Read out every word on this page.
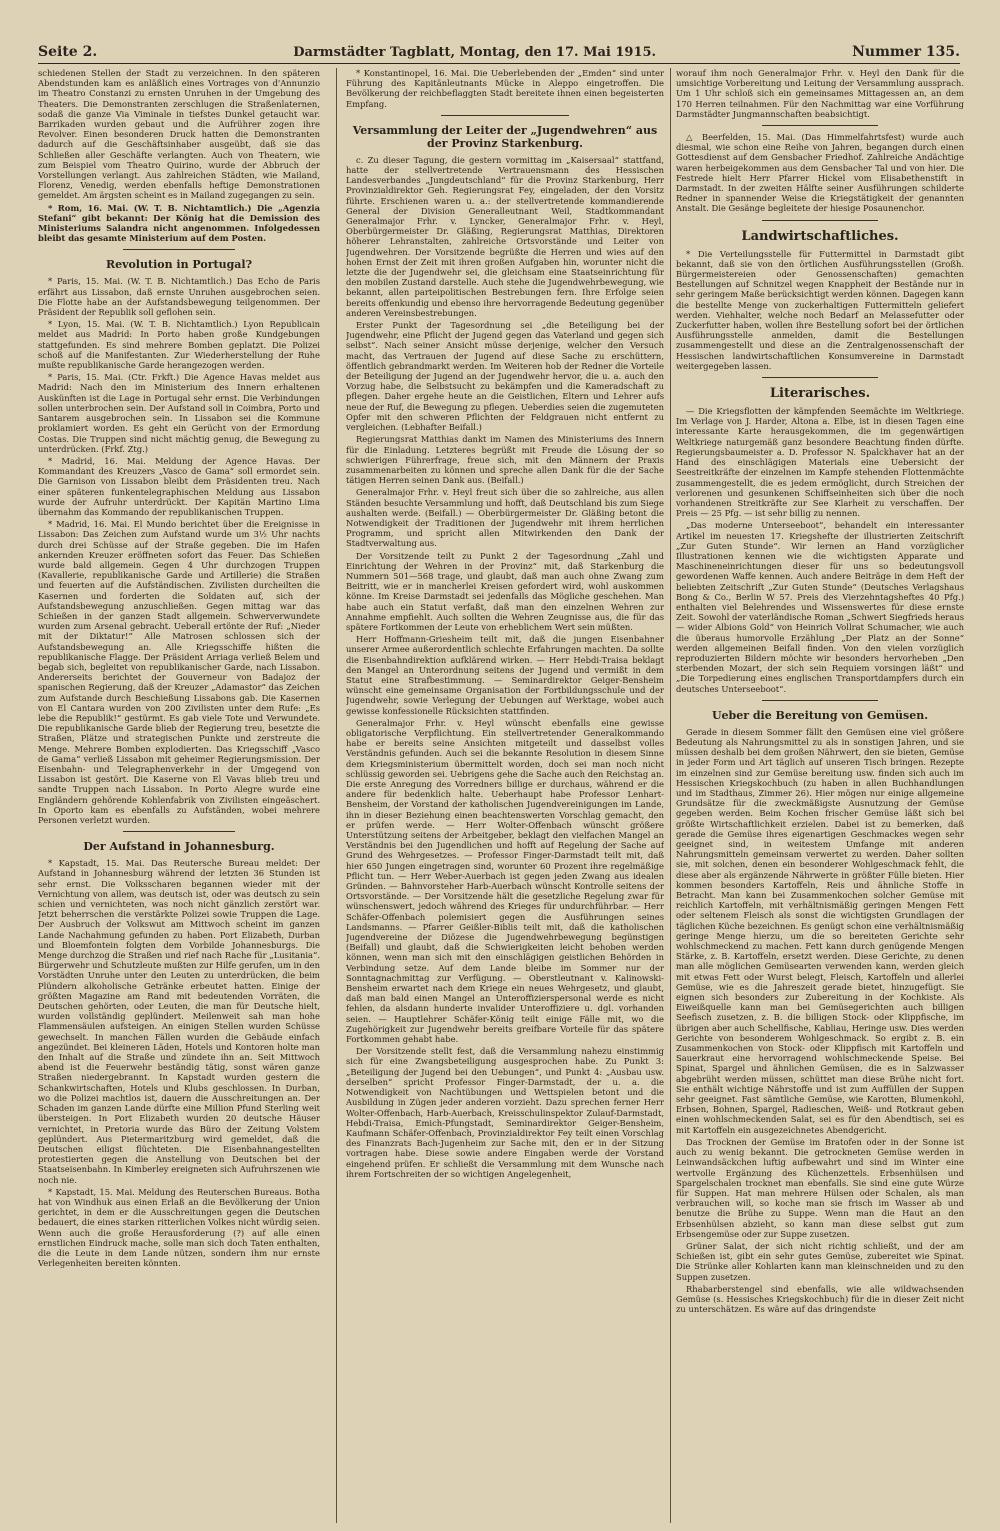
Seite 2.	Darmstädter Tagblatt, Montag, den 17. Mai 1915.	Nummer 135.

schiedenen Stellen der Stadt zu verzeichnen. In den späteren Abendstunden kam es anläßlich eines Vortrages von d'Annunzio im Theatro Constanzi zu ernsten Unruhen in der Umgebung des Theaters. Die Demonstranten zerschlugen die Straßenlaternen, sodaß die ganze Via Viminale in tiefstes Dunkel getaucht war. Barrikaden wurden gebaut und die Aufrührer zogen ihre Revolver. Einen besonderen Druck hatten die Demonstranten dadurch auf die Geschäftsinhaber ausgeübt, daß sie das Schließen aller Geschäfte verlangten. Auch von Theatern, wie zum Beispiel vom Theatro Quirino, wurde der Abbruch der Vorstellungen verlangt. Aus zahlreichen Städten, wie Mailand, Florenz, Venedig, werden ebenfalls heftige Demonstrationen gemeldet. Am ärgsten scheint es in Mailand zugegangen zu sein.

* Rom, 16. Mai. (W. T. B. Nichtamtlich.) Die „Agenzia Stefani“ gibt bekannt: Der König hat die Demission des Ministeriums Salandra nicht angenommen. Infolgedessen bleibt das gesamte Ministerium auf dem Posten.

Revolution in Portugal?

* Paris, 15. Mai. (W. T. B. Nichtamtlich.) Das Echo de Paris erfährt aus Lissabon, daß ernste Unruhen ausgebrochen seien. Die Flotte habe an der Aufstandsbewegung teilgenommen. Der Präsident der Republik soll geflohen sein.

* Lyon, 15. Mai. (W. T. B. Nichtamtlich.) Lyon Republicain meldet aus Madrid: In Porto haben große Kundgebungen stattgefunden. Es sind mehrere Bomben geplatzt. Die Polizei schoß auf die Manifestanten. Zur Wiederherstellung der Ruhe mußte republikanische Garde herangezogen werden.

* Paris, 15. Mai. (Ctr. Frkft.) Die Agence Havas meldet aus Madrid: Nach den im Ministerium des Innern erhaltenen Auskünften ist die Lage in Portugal sehr ernst. Die Verbindungen sollen unterbrochen sein. Der Aufstand soll in Coimbra, Porto und Santarem ausgebrochen sein. In Lissabon sei die Kommune proklamiert worden. Es geht ein Gerücht von der Ermordung Costas. Die Truppen sind nicht mächtig genug, die Bewegung zu unterdrücken. (Frkf. Ztg.)

* Madrid, 16. Mai. Meldung der Agence Havas. Der Kommandant des Kreuzers „Vasco de Gama“ soll ermordet sein. Die Garnison von Lissabon bleibt dem Präsidenten treu. Nach einer späteren funkentelegraphischen Meldung aus Lissabon wurde der Aufruhr unterdrückt. Der Kapitän Martino Lima übernahm das Kommando der republikanischen Truppen.

* Madrid, 16. Mai. El Mundo berichtet über die Ereignisse in Lissabon: Das Zeichen zum Aufstand wurde um 3½ Uhr nachts durch drei Schüsse auf der Straße gegeben. Die im Hafen ankernden Kreuzer eröffneten sofort das Feuer. Das Schießen wurde bald allgemein. Gegen 4 Uhr durchzogen Truppen (Kavallerie, republikanische Garde und Artillerie) die Straßen und feuerten auf die Aufständischen. Zivilisten durcheilten die Kasernen und forderten die Soldaten auf, sich der Aufstandsbewegung anzuschließen. Gegen mittag war das Schießen in der ganzen Stadt allgemein. Schwerverwundete wurden zum Arsenal gebracht. Ueberall ertönte der Ruf: „Nieder mit der Diktatur!“ Alle Matrosen schlossen sich der Aufstandsbewegung an. Alle Kriegsschiffe hißten die republikanische Flagge. Der Präsident Arriaga verließ Belem und begab sich, begleitet von republikanischer Garde, nach Lissabon. Andererseits berichtet der Gouverneur von Badajoz der spanischen Regierung, daß der Kreuzer „Adamastor“ das Zeichen zum Aufstande durch Beschießung Lissabons gab. Die Kasernen von El Cantara wurden von 200 Zivilisten unter dem Rufe: „Es lebe die Republik!“ gestürmt. Es gab viele Tote und Verwundete. Die republikanische Garde blieb der Regierung treu, besetzte die Straßen, Plätze und strategischen Punkte und zerstreute die Menge. Mehrere Bomben explodierten. Das Kriegsschiff „Vasco de Gama“ verließ Lissabon mit geheimer Regierungsmission. Der Eisenbahn- und Telegraphenverkehr in der Umgegend von Lissabon ist gestört. Die Kaserne von El Vavas blieb treu und sandte Truppen nach Lissabon. In Porto Alegre wurde eine Engländern gehörende Kohlenfabrik von Zivilisten eingeäschert. In Oporto kam es ebenfalls zu Aufständen, wobei mehrere Personen verletzt wurden.

Der Aufstand in Johannesburg.

* Kapstadt, 15. Mai. Das Reutersche Bureau meldet: Der Aufstand in Johannesburg während der letzten 36 Stunden ist sehr ernst. Die Volksscharen begannen wieder mit der Vernichtung von allem, was deutsch ist, oder was deutsch zu sein schien und vernichteten, was noch nicht gänzlich zerstört war. Jetzt beherrschen die verstärkte Polizei sowie Truppen die Lage. Der Ausbruch der Volkswut am Mittwoch scheint im ganzen Lande Nachahmung gefunden zu haben. Port Elizabeth, Durban und Bloemfontein folgten dem Vorbilde Johannesburgs. Die Menge durchzog die Straßen und rief nach Rache für „Lusitania“. Bürgerwehr und Schutzleute mußten zur Hilfe gerufen, um in den Vorstädten Unruhe unter den Leuten zu unterdrücken, die beim Plündern alkoholische Getränke erbeutet hatten. Einige der größten Magazine am Rand mit bedeutenden Vorräten, die Deutschen gehörten, oder Leuten, die man für Deutsche hielt, wurden vollständig geplündert. Meilenweit sah man hohe Flammensäulen aufsteigen. An einigen Stellen wurden Schüsse gewechselt. In manchen Fällen wurden die Gebäude einfach angezündet. Bei kleineren Läden, Hotels und Kontoren holte man den Inhalt auf die Straße und zündete ihn an. Seit Mittwoch abend ist die Feuerwehr beständig tätig, sonst wären ganze Straßen niedergebrannt. In Kapstadt wurden gestern die Schankwirtschaften, Hotels und Klubs geschlossen. In Durban, wo die Polizei machtlos ist, dauern die Ausschreitungen an. Der Schaden im ganzen Lande dürfte eine Million Pfund Sterling weit übersteigen. In Port Elizabeth wurden 20 deutsche Häuser vernichtet, in Pretoria wurde das Büro der Zeitung Volstem geplündert. Aus Pietermaritzburg wird gemeldet, daß die Deutschen eiligst flüchteten. Die Eisenbahnangestellten protestierten gegen die Anstellung von Deutschen bei der Staatseisenbahn. In Kimberley ereigneten sich Aufruhrszenen wie noch nie.

* Kapstadt, 15. Mai. Meldung des Reuterschen Bureaus. Botha hat von Windhuk aus einen Erlaß an die Bevölkerung der Union gerichtet, in dem er die Ausschreitungen gegen die Deutschen bedauert, die eines starken ritterlichen Volkes nicht würdig seien. Wenn auch die große Herausforderung (?) auf alle einen ernstlichen Eindruck mache, solle man sich doch Taten enthalten, die die Leute in dem Lande nützen, sondern ihm nur ernste Verlegenheiten bereiten könnten.

* Konstantinopel, 16. Mai. Die Ueberlebenden der „Emden“ sind unter Führung des Kapitänleutnants Mücke in Aleppo eingetroffen. Die Bevölkerung der reichbeflaggten Stadt bereitete ihnen einen begeisterten Empfang.

Versammlung der Leiter der „Jugendwehren“ aus der Provinz Starkenburg.

c. Zu dieser Tagung, die gestern vormittag im „Kaisersaal“ stattfand, hatte der stellvertretende Vertrauensmann des Hessischen Landesverbandes „Jungdeutschland“ für die Provinz Starkenburg, Herr Provinzialdirektor Geh. Regierungsrat Fey, eingeladen, der den Vorsitz führte. Erschienen waren u. a.: der stellvertretende kommandierende General der Division Generalleutnant Weil, Stadtkommandant Generalmajor Frhr. v. Lyncker, Generalmajor Frhr. v. Heyl, Oberbürgermeister Dr. Gläßing, Regierungsrat Matthias, Direktoren höherer Lehranstalten, zahlreiche Ortsvorstände und Leiter von Jugendwehren. Der Vorsitzende begrüßte die Herren und wies auf den hohen Ernst der Zeit mit ihren großen Aufgaben hin, worunter nicht die letzte die der Jugendwehr sei, die gleichsam eine Staatseinrichtung für den mobilen Zustand darstelle. Auch stehe die Jugendwehrbewegung, wie bekannt, allen parteipolitischen Bestrebungen fern. Ihre Erfolge seien bereits offenkundig und ebenso ihre hervorragende Bedeutung gegenüber anderen Vereinsbestrebungen.

Erster Punkt der Tagesordnung sei „die Beteiligung bei der Jugendwehr, eine Pflicht der Jugend gegen das Vaterland und gegen sich selbst“. Nach seiner Ansicht müsse derjenige, welcher den Versuch macht, das Vertrauen der Jugend auf diese Sache zu erschüttern, öffentlich gebrandmarkt werden. Im Weiteren hob der Redner die Vorteile der Beteiligung der Jugend an der Jugendwehr hervor, die u. a. auch den Vorzug habe, die Selbstsucht zu bekämpfen und die Kameradschaft zu pflegen. Daher ergehe heute an die Geistlichen, Eltern und Lehrer aufs neue der Ruf, die Bewegung zu pflegen. Ueberdies seien die zugemuteten Opfer mit den schweren Pflichten der Feldgrauen nicht entfernt zu vergleichen. (Lebhafter Beifall.)

Regierungsrat Matthias dankt im Namen des Ministeriums des Innern für die Einladung. Letzteres begrüßt mit Freude die Lösung der so schwierigen Führerfrage, freue sich, mit den Männern der Praxis zusammenarbeiten zu können und spreche allen Dank für die der Sache tätigen Herren seinen Dank aus. (Beifall.)

Generalmajor Frhr. v. Heyl freut sich über die so zahlreiche, aus allen Ständen besuchte Versammlung und hofft, daß Deutschland bis zum Siege aushalten werde. (Beifall.) — Oberbürgermeister Dr. Gläßing betont die Notwendigkeit der Traditionen der Jugendwehr mit ihrem herrlichen Programm, und spricht allen Mitwirkenden den Dank der Stadtverwaltung aus.

Der Vorsitzende teilt zu Punkt 2 der Tagesordnung „Zahl und Einrichtung der Wehren in der Provinz“ mit, daß Starkenburg die Nummern 501—568 trage, und glaubt, daß man auch ohne Zwang zum Beitritt, wie er in mancherlei Kreisen gefordert wird, wohl auskommen könne. Im Kreise Darmstadt sei jedenfalls das Mögliche geschehen. Man habe auch ein Statut verfaßt, daß man den einzelnen Wehren zur Annahme empfiehlt. Auch sollten die Wehren Zeugnisse aus, die für das spätere Fortkommen der Leute von erheblichem Wert sein müßten.

Herr Hoffmann-Griesheim teilt mit, daß die jungen Eisenbahner unserer Armee außerordentlich schlechte Erfahrungen machten. Da sollte die Eisenbahndirektion aufklärend wirken. — Herr Hebdi-Traisa beklagt den Mangel an Unterordnung seitens der Jugend und vermißt in dem Statut eine Strafbestimmung. — Seminardirektor Geiger-Bensheim wünscht eine gemeinsame Organisation der Fortbildungsschule und der Jugendwehr, sowie Verlegung der Uebungen auf Werktage, wobei auch gewisse konfessionelle Rücksichten stattfinden.

Generalmajor Frhr. v. Heyl wünscht ebenfalls eine gewisse obligatorische Verpflichtung. Ein stellvertretender Generalkommando habe er bereits seine Ansichten mitgeteilt und dasselbst volles Verständnis gefunden. Auch sei die bekannte Resolution in diesem Sinne dem Kriegsministerium übermittelt worden, doch sei man noch nicht schlüssig geworden sei. Uebrigens gehe die Sache auch den Reichstag an. Die erste Anregung des Vorredners billige er durchaus, während er die andere für bedenklich halte. Ueberhaupt habe Professor Lenhart-Bensheim, der Vorstand der katholischen Jugendvereinigungen im Lande, ihn in dieser Beziehung einen beachtenswerten Vorschlag gemacht, den er prüfen werde. — Herr Wolter-Offenbach wünscht größere Unterstützung seitens der Arbeitgeber, beklagt den vielfachen Mangel an Verständnis bei den Jugendlichen und hofft auf Regelung der Sache auf Grund des Wehrgesetzes. — Professor Finger-Darmstadt teilt mit, daß hier 650 Jungen eingetragen sind, worunter 60 Prozent ihre regelmäßige Pflicht tun. — Herr Weber-Auerbach ist gegen jeden Zwang aus idealen Gründen. — Bahnvorsteher Harb-Auerbach wünscht Kontrolle seitens der Ortsvorstände. — Der Vorsitzende hält die gesetzliche Regelung zwar für wünschenswert, jedoch während des Krieges für undurchführbar. — Herr Schäfer-Offenbach polemisiert gegen die Ausführungen seines Landsmanns. — Pfarrer Geißler-Biblis teilt mit, daß die katholischen Jugendvereine der Diözese die Jugendwehrbewegung begünstigen (Beifall) und glaubt, daß die Schwierigkeiten leicht behoben werden können, wenn man sich mit den einschlägigen geistlichen Behörden in Verbindung setze. Auf dem Lande bleibe im Sommer nur der Sonntagnachmittag zur Verfügung. — Oberstleutnant v. Kalinowski-Bensheim erwartet nach dem Kriege ein neues Wehrgesetz, und glaubt, daß man bald einen Mangel an Unteroffizierspersonal werde es nicht fehlen, da alsdann hunderte invalider Unteroffiziere u. dgl. vorhanden seien. — Hauptlehrer Schäfer-König teilt einige Fälle mit, wo die Zugehörigkeit zur Jugendwehr bereits greifbare Vorteile für das spätere Fortkommen gehabt habe.

Der Vorsitzende stellt fest, daß die Versammlung nahezu einstimmig sich für eine Zwangsbeteiligung ausgesprochen habe. Zu Punkt 3: „Beteiligung der Jugend bei den Uebungen“, und Punkt 4: „Ausbau usw. derselben“ spricht Professor Finger-Darmstadt, der u. a. die Notwendigkeit von Nachtübungen und Wettspielen betont und die Ausbildung in Zügen jeder anderen vorzieht. Dazu sprechen ferner Herr Wolter-Offenbach, Harb-Auerbach, Kreisschulinspektor Zulauf-Darmstadt, Hebdi-Traisa, Emich-Pfungstadt, Seminardirektor Geiger-Bensheim, Kaufmann Schäfer-Offenbach, Provinzialdirektor Fey teilt einen Vorschlag des Finanzrats Bach-Jugenheim zur Sache mit, den er in der Sitzung vortragen habe. Diese sowie andere Eingaben werde der Vorstand eingehend prüfen. Er schließt die Versammlung mit dem Wunsche nach ihrem Fortschreiten der so wichtigen Angelegenheit,

worauf ihm noch Generalmajor Frhr. v. Heyl den Dank für die umsichtige Vorbereitung und Leitung der Versammlung aussprach. Um 1 Uhr schloß sich ein gemeinsames Mittagessen an, an dem 170 Herren teilnahmen. Für den Nachmittag war eine Vorführung Darmstädter Jungmannschaften beabsichtigt.

△ Beerfelden, 15. Mai. (Das Himmelfahrtsfest) wurde auch diesmal, wie schon eine Reihe von Jahren, begangen durch einen Gottesdienst auf dem Gensbacher Friedhof. Zahlreiche Andächtige waren herbeigekommen aus dem Gensbacher Tal und von hier. Die Festrede hielt Herr Pfarrer Hickel vom Elisabethenstift in Darmstadt. In der zweiten Hälfte seiner Ausführungen schilderte Redner in spannender Weise die Kriegstätigkeit der genannten Anstalt. Die Gesänge begleitete der hiesige Posaunenchor.

Landwirtschaftliches.

* Die Verteilungsstelle für Futtermittel in Darmstadt gibt bekannt, daß sie von den örtlichen Ausführungsstellen (Großh. Bürgermeistereien oder Genossenschaften) gemachten Bestellungen auf Schnitzel wegen Knappheit der Bestände nur in sehr geringem Maße berücksichtigt werden können. Dagegen kann die bestellte Menge von zuckerhaltigen Futtermitteln geliefert werden. Viehhalter, welche noch Bedarf an Melassefutter oder Zuckerfutter haben, wollen ihre Bestellung sofort bei der örtlichen Ausführungsstelle anmelden, damit die Bestellungen zusammengestellt und diese an die Zentralgenossenschaft der Hessischen landwirtschaftlichen Konsumvereine in Darmstadt weitergegeben lassen.

Literarisches.

— Die Kriegsflotten der kämpfenden Seemächte im Weltkriege. Im Verlage von J. Harder, Altona a. Elbe, ist in diesen Tagen eine interessante Karte herausgekommen, die im gegenwärtigen Weltkriege naturgemäß ganz besondere Beachtung finden dürfte. Regierungsbaumeister a. D. Professor N. Spalckhaver hat an der Hand des einschlägigen Materials eine Uebersicht der Seestreitkräfte der einzelnen im Kampfe stehenden Flottenmächte zusammengestellt, die es jedem ermöglicht, durch Streichen der verlorenen und gesunkenen Schiffseinheiten sich über die noch vorhandenen Streitkräfte zur See Klarheit zu verschaffen. Der Preis — 25 Pfg. — ist sehr billig zu nennen.

„Das moderne Unterseeboot“, behandelt ein interessanter Artikel im neuesten 17. Kriegshefte der illustrierten Zeitschrift „Zur Guten Stunde“. Wir lernen an Hand vorzüglicher Illustrationen kennen wie die wichtigsten Apparate und Maschineneinrichtungen dieser für uns so bedeutungsvoll gewordenen Waffe kennen. Auch andere Beiträge in dem Heft der beliebten Zeitschrift „Zur Guten Stunde“ (Deutsches Verlagshaus Bong & Co., Berlin W 57. Preis des Vierzehntagsheftes 40 Pfg.) enthalten viel Belehrendes und Wissenswertes für diese ernste Zeit. Sowohl der vaterländische Roman „Schwert Siegfrieds heraus — wider Albions Gold“ von Heinrich Vollrat Schumacher, wie auch die überaus humorvolle Erzählung „Der Platz an der Sonne“ werden allgemeinen Beifall finden. Von den vielen vorzüglich reproduzierten Bildern möchte wir besonders hervorheben „Den sterbenden Mozart, der sich sein Requiem vorsingen läßt“ und „Die Torpedierung eines englischen Transportdampfers durch ein deutsches Unterseeboot“.

Ueber die Bereitung von Gemüsen.

Gerade in diesem Sommer fällt den Gemüsen eine viel größere Bedeutung als Nahrungsmittel zu als in sonstigen Jahren, und sie müssen deshalb bei dem großen Nährwert, den sie bieten, Gemüse in jeder Form und Art täglich auf unseren Tisch bringen. Rezepte im einzelnen sind zur Gemüse bereitung usw. finden sich auch im Hessischen Kriegskochbuch (zu haben in allen Buchhandlungen und im Stadthaus, Zimmer 26). Hier mögen nur einige allgemeine Grundsätze für die zweckmäßigste Ausnutzung der Gemüse gegeben werden. Beim Kochen frischer Gemüse läßt sich bei größte Wirtschaftlichkeit erzielen. Dabei ist zu bemerken, daß gerade die Gemüse ihres eigenartigen Geschmackes wegen sehr geeignet sind, in weitestem Umfange mit anderen Nahrungsmitteln gemeinsam verwertet zu werden. Daher sollten sie, mit solchen, denen ein besonderer Wohlgeschmack fehlt, die diese aber als ergänzende Nährwerte in größter Fülle bieten. Hier kommen besonders Kartoffeln, Reis und ähnliche Stoffe in Betracht. Man kann bei Zusammenkochen solcher Gemüse mit reichlich Kartoffeln, mit verhältnismäßig geringen Mengen Fett oder seltenem Fleisch als sonst die wichtigsten Grundlagen der täglichen Küche bezeichnen. Es genügt schon eine verhältnismäßig geringe Menge hierzu, um die so bereiteten Gerichte sehr wohlschmeckend zu machen. Fett kann durch genügende Mengen Stärke, z. B. Kartoffeln, ersetzt werden. Diese Gerichte, zu denen man alle möglichen Gemüsearten verwenden kann, werden gleich mit etwas Fett oder Wurst belegt, Fleisch, Kartoffeln und allerlei Gemüse, wie es die Jahreszeit gerade bietet, hinzugefügt. Sie eignen sich besonders zur Zubereitung in der Kochkiste. Als Eiweißquelle kann man bei Gemüsegerichten auch billigen Seefisch zusetzen, z. B. die billigen Stock- oder Klippfische, im übrigen aber auch Schellfische, Kabliau, Heringe usw. Dies werden Gerichte von besonderem Wohlgeschmack. So ergibt z. B. ein Zusammenkochen von Stock- oder Klippfisch mit Kartoffeln und Sauerkraut eine hervorragend wohlschmeckende Speise. Bei Spinat, Spargel und ähnlichen Gemüsen, die es in Salzwasser abgebrüht werden müssen, schüttet man diese Brühe nicht fort. Sie enthält wichtige Nährstoffe und ist zum Auffüllen der Suppen sehr geeignet. Fast sämtliche Gemüse, wie Karotten, Blumenkohl, Erbsen, Bohnen, Spargel, Radieschen, Weiß- und Rotkraut geben einen wohlschmeckenden Salat, sei es für den Abendtisch, sei es mit Kartoffeln ein ausgezeichnetes Abendgericht.

Das Trocknen der Gemüse im Bratofen oder in der Sonne ist auch zu wenig bekannt. Die getrockneten Gemüse werden in Leinwandsäckchen luftig aufbewahrt und sind im Winter eine wertvolle Ergänzung des Küchenzettels. Erbsenhülsen und Spargelschalen trocknet man ebenfalls. Sie sind eine gute Würze für Suppen. Hat man mehrere Hülsen oder Schalen, als man verbrauchen will, so koche man sie frisch im Wasser ab und benutze die Brühe zu Suppe. Wenn man die Haut an den Erbsenhülsen abzieht, so kann man diese selbst gut zum Erbsengemüse oder zur Suppe zusetzen.

Grüner Salat, der sich nicht richtig schließt, und der am Schießen ist, gibt ein sehr gutes Gemüse, zubereitet wie Spinat. Die Strünke aller Kohlarten kann man kleinschneiden und zu den Suppen zusetzen.

Rhabarberstengel sind ebenfalls, wie alle wildwachsenden Gemüse (s. Hessisches Kriegskochbuch) für die in dieser Zeit nicht zu unterschätzen. Es wäre auf das dringendste
